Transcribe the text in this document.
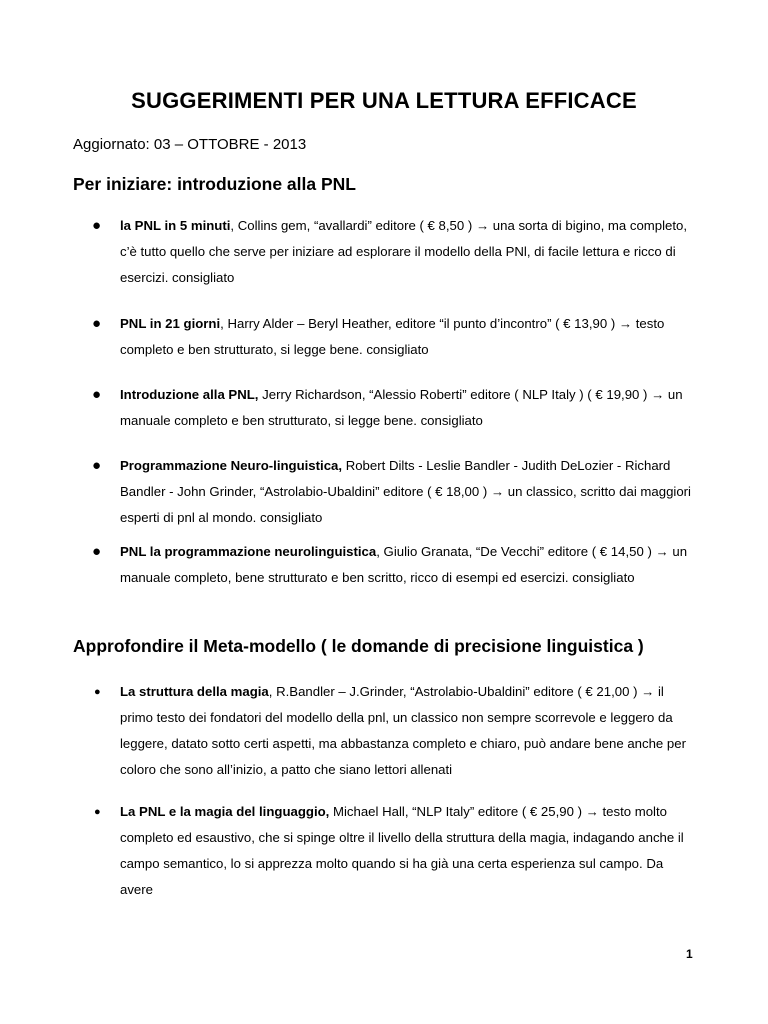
SUGGERIMENTI PER UNA LETTURA EFFICACE
Aggiornato: 03 – OTTOBRE - 2013
Per iniziare: introduzione alla PNL
●	la PNL in 5 minuti, Collins gem, “avallardi” editore ( € 8,50 ) → una sorta di bigino, ma completo, c’è tutto quello che serve per iniziare ad esplorare il modello della PNl, di facile lettura e ricco di esercizi. consigliato
●	PNL in 21 giorni, Harry Alder – Beryl Heather, editore “il punto d’incontro” ( € 13,90 ) → testo completo e ben strutturato, si legge bene. consigliato
●	Introduzione alla PNL, Jerry Richardson, “Alessio Roberti” editore ( NLP Italy ) ( € 19,90 ) → un manuale completo e ben strutturato, si legge bene. consigliato
●	Programmazione Neuro-linguistica, Robert Dilts - Leslie Bandler - Judith DeLozier - Richard Bandler - John Grinder, “Astrolabio-Ubaldini” editore ( € 18,00 ) → un classico, scritto dai maggiori esperti di pnl al mondo. consigliato
●	PNL la programmazione neurolinguistica, Giulio Granata, “De Vecchi” editore ( € 14,50 ) → un manuale completo, bene strutturato e ben scritto, ricco di esempi ed esercizi. consigliato
Approfondire il Meta-modello ( le domande di precisione linguistica )
●	La struttura della magia, R.Bandler – J.Grinder, “Astrolabio-Ubaldini” editore ( € 21,00 ) → il primo testo dei fondatori del modello della pnl, un classico non sempre scorrevole e leggero da leggere, datato sotto certi aspetti, ma abbastanza completo e chiaro, può andare bene anche per coloro che sono all’inizio, a patto che siano lettori allenati
●	La PNL e la magia del linguaggio, Michael Hall, “NLP Italy” editore ( € 25,90 ) → testo molto completo ed esaustivo, che si spinge oltre il livello della struttura della magia, indagando anche il campo semantico, lo si apprezza molto quando si ha già una certa esperienza sul campo. Da avere
1
